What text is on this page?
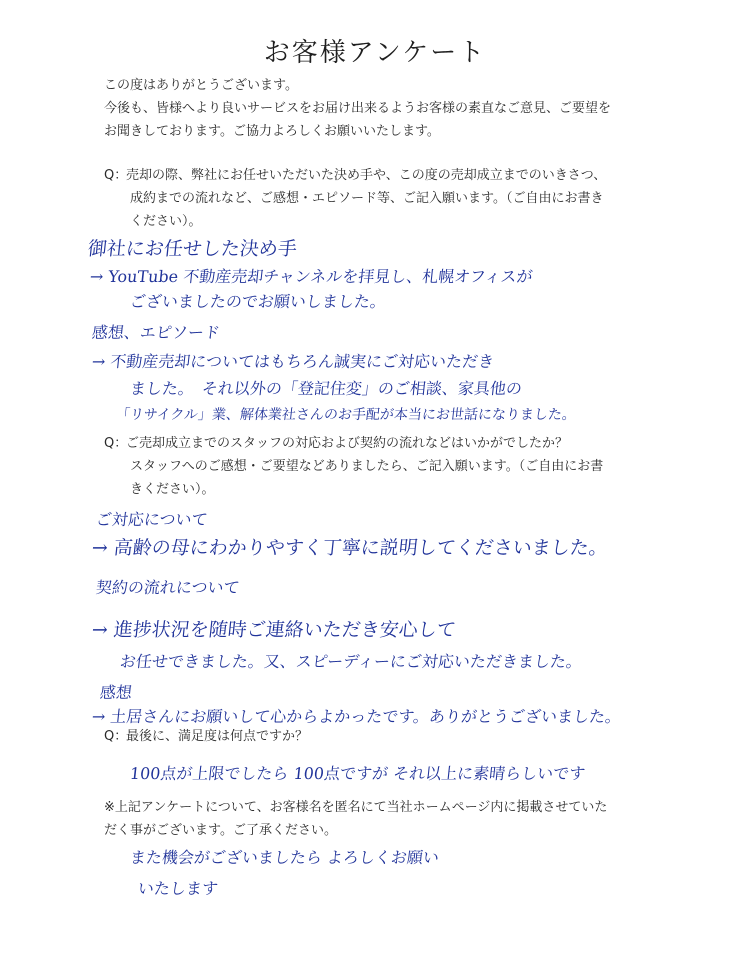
お客様アンケート
この度はありがとうございます。
今後も、皆様へより良いサービスをお届け出来るようお客様の素直なご意見、ご要望を
お聞きしております。ご協力よろしくお願いいたします。
Q：売却の際、弊社にお任せいただいた決め手や、この度の売却成立までのいきさつ、
成約までの流れなど、ご感想・エピソード等、ご記入願います。（ご自由にお書き
ください）。
御社にお任せした決め手
→ YouTube 不動産売却チャンネルを拝見し、札幌オフィスが
ございましたのでお願いしました。
感想、エピソード
→ 不動産売却についてはもちろん誠実にご対応いただき
ました。　それ以外の「登記住変」のご相談、家具他の
「リサイクル」業、解体業社さんのお手配が本当にお世話になりました。
Q：ご売却成立までのスタッフの対応および契約の流れなどはいかがでしたか？
スタッフへのご感想・ご要望などありましたら、ご記入願います。（ご自由にお書
きください）。
ご対応について
→ 高齢の母にわかりやすく丁寧に説明してくださいました。
契約の流れについて
→ 進捗状況を随時ご連絡いただき安心して
お任せできました。又、スピーディーにご対応いただきました。
感想
→ 土居さんにお願いして心からよかったです。ありがとうございました。
Q：最後に、満足度は何点ですか？
100点が上限でしたら 100点ですが それ以上に素晴らしいです
※上記アンケートについて、お客様名を匿名にて当社ホームページ内に掲載させていた
だく事がございます。ご了承ください。
また機会がございましたら よろしくお願い
いたします
